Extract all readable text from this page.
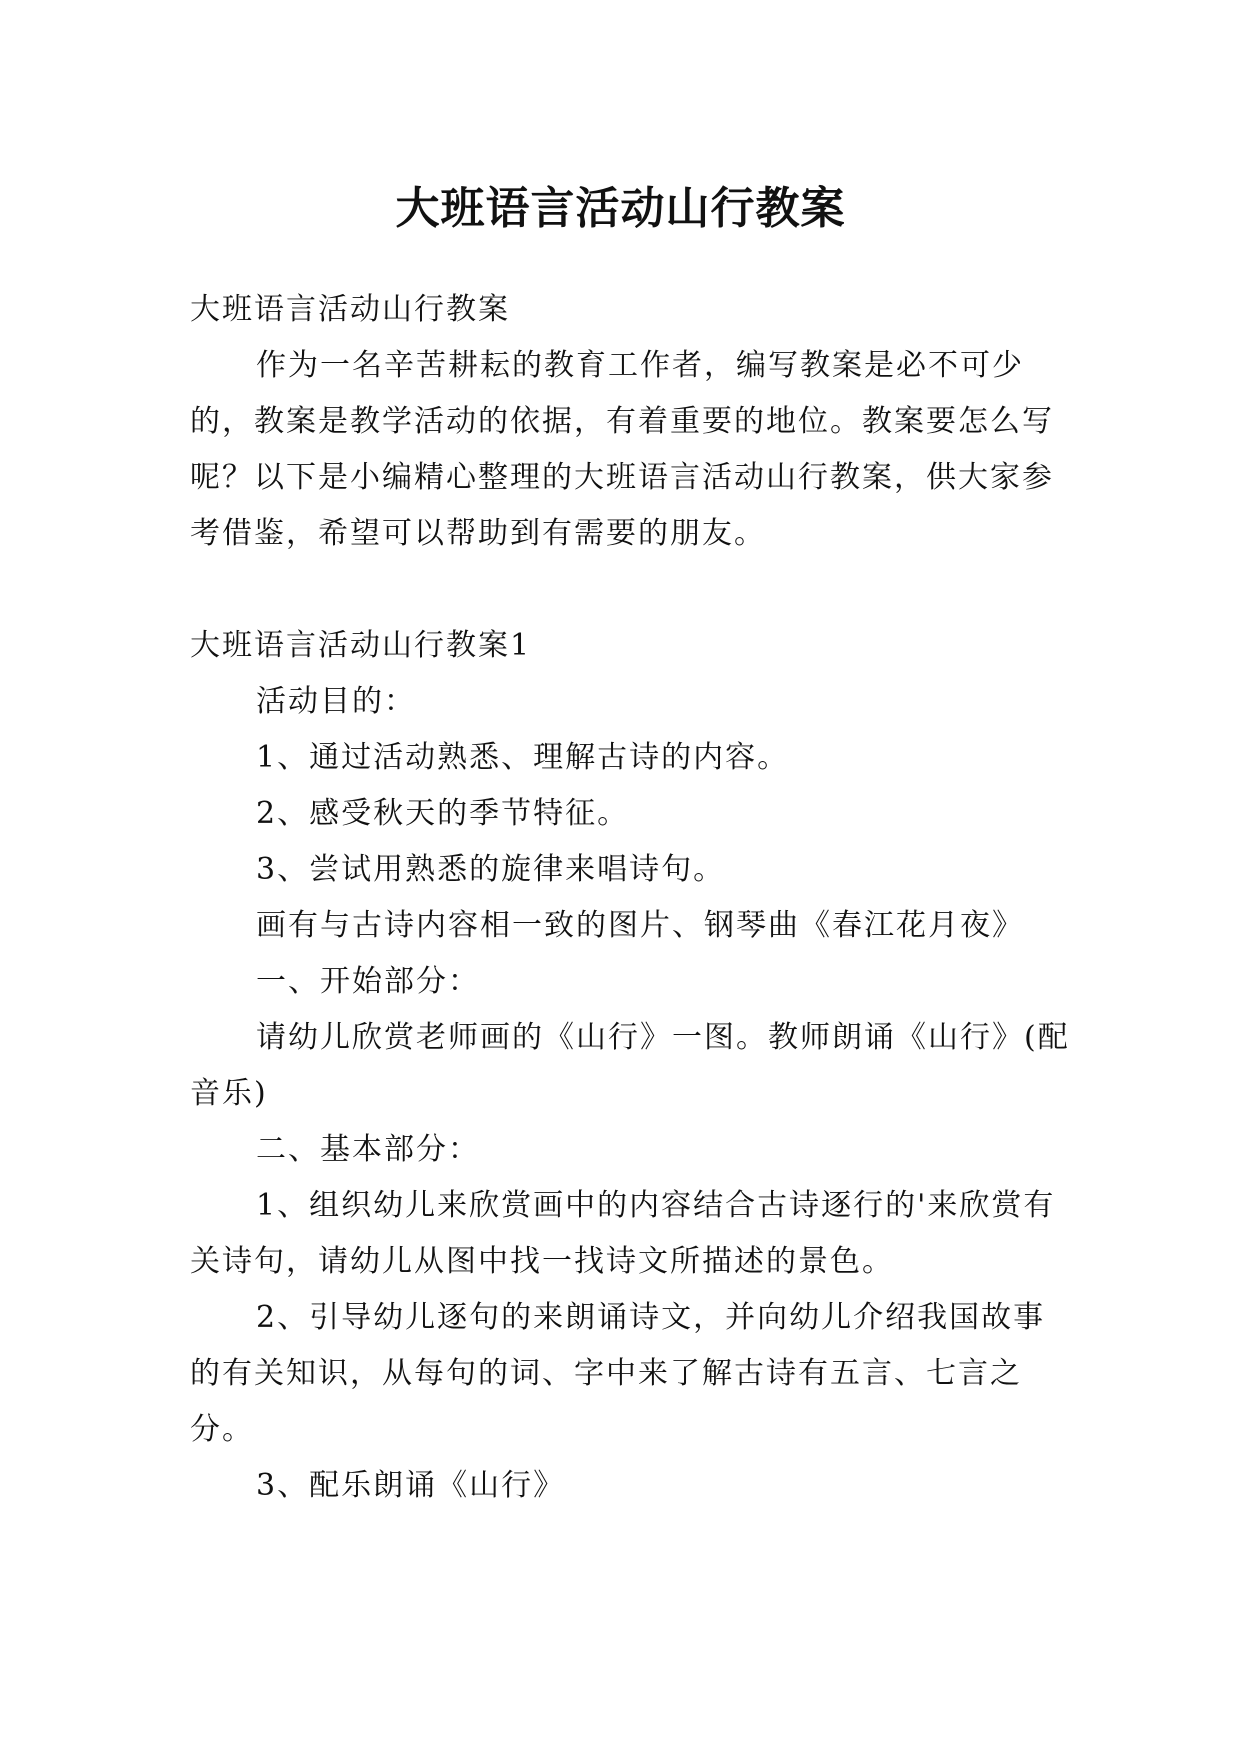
大班语言活动山行教案

大班语言活动山行教案

作为一名辛苦耕耘的教育工作者，编写教案是必不可少的，教案是教学活动的依据，有着重要的地位。教案要怎么写呢？以下是小编精心整理的大班语言活动山行教案，供大家参考借鉴，希望可以帮助到有需要的朋友。

大班语言活动山行教案1

活动目的：

1、通过活动熟悉、理解古诗的内容。

2、感受秋天的季节特征。

3、尝试用熟悉的旋律来唱诗句。

画有与古诗内容相一致的图片、钢琴曲《春江花月夜》

一、开始部分：

请幼儿欣赏老师画的《山行》一图。教师朗诵《山行》(配音乐)

二、基本部分：

1、组织幼儿来欣赏画中的内容结合古诗逐行的'来欣赏有关诗句，请幼儿从图中找一找诗文所描述的景色。

2、引导幼儿逐句的来朗诵诗文，并向幼儿介绍我国故事的有关知识，从每句的词、字中来了解古诗有五言、七言之分。

3、配乐朗诵《山行》
